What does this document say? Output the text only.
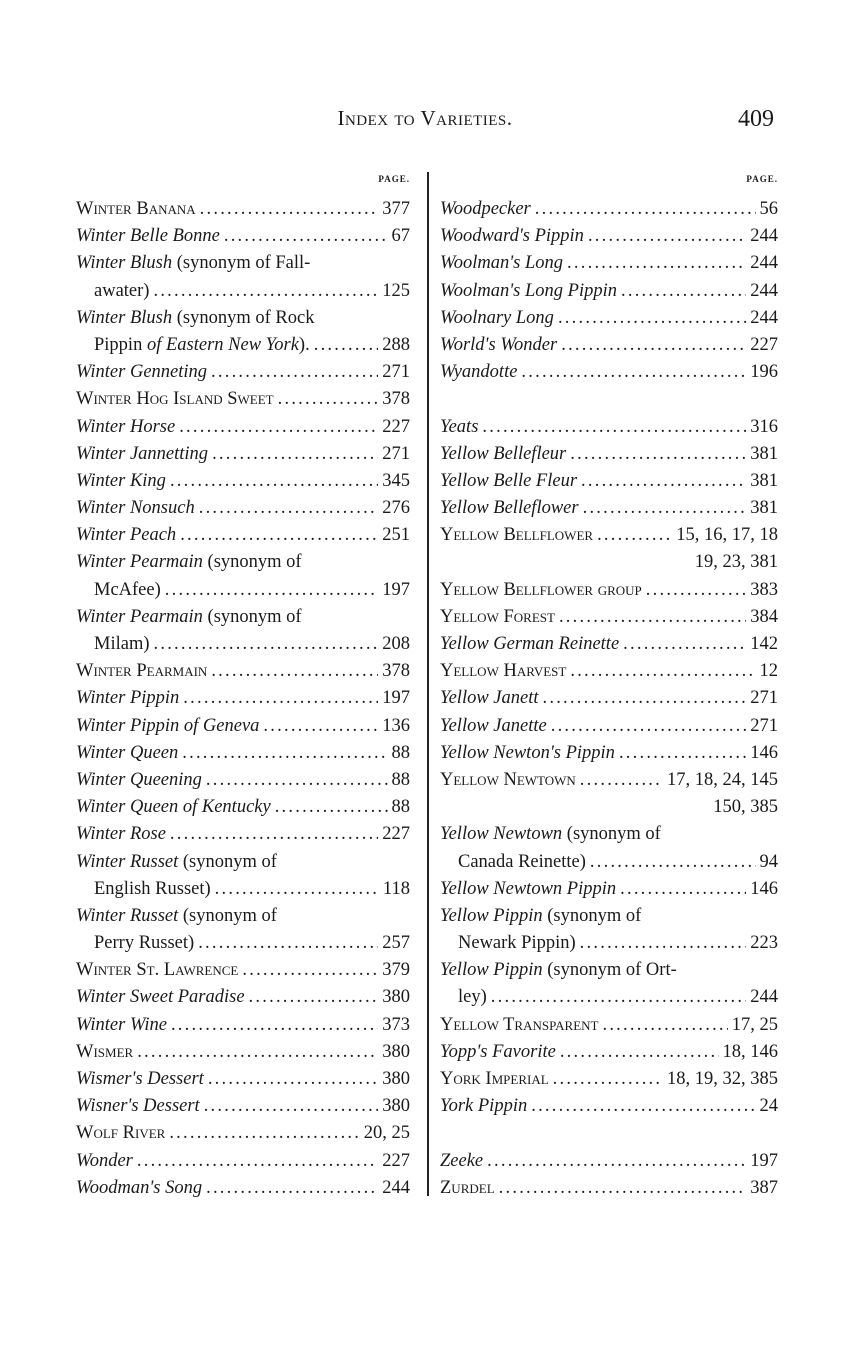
Index to Varieties.	409
PAGE.
Winter Banana . . .	377
Winter Belle Bonne . . .	67
Winter Blush (synonym of Fall-
awater) . . .	125
Winter Blush (synonym of Rock
Pippin of Eastern New York). . . .	288
Winter Genneting . . .	271
Winter Hog Island Sweet . . .	378
Winter Horse . . .	227
Winter Jannetting . . .	271
Winter King . . .	345
Winter Nonsuch . . .	276
Winter Peach . . .	251
Winter Pearmain (synonym of
McAfee) . . .	197
Winter Pearmain (synonym of
Milam) . . .	208
Winter Pearmain . . .	378
Winter Pippin . . .	197
Winter Pippin of Geneva . . .	136
Winter Queen . . .	88
Winter Queening . . .	88
Winter Queen of Kentucky . . .	88
Winter Rose . . .	227
Winter Russet (synonym of
English Russet) . . .	118
Winter Russet (synonym of
Perry Russet) . . .	257
Winter St. Lawrence . . .	379
Winter Sweet Paradise . . .	380
Winter Wine . . .	373
Wismer . . .	380
Wismer's Dessert . . .	380
Wisner's Dessert . . .	380
Wolf River . . .	20, 25
Wonder . . .	227
Woodman's Song . . .	244
PAGE.
Woodpecker . . .	56
Woodward's Pippin . . .	244
Woolman's Long . . .	244
Woolman's Long Pippin . . .	244
Woolnary Long . . .	244
World's Wonder . . .	227
Wyandotte . . .	196
Yeats . . .	316
Yellow Bellefleur . . .	381
Yellow Belle Fleur . . .	381
Yellow Belleflower . . .	381
Yellow Bellflower . . .	15, 16, 17, 18
19, 23, 381
Yellow Bellflower group . . .	383
Yellow Forest . . .	384
Yellow German Reinette . . .	142
Yellow Harvest . . .	12
Yellow Janett . . .	271
Yellow Janette . . .	271
Yellow Newton's Pippin . . .	146
Yellow Newtown . . .	17, 18, 24, 145
150, 385
Yellow Newtown (synonym of
Canada Reinette) . . .	94
Yellow Newtown Pippin . . .	146
Yellow Pippin (synonym of
Newark Pippin) . . .	223
Yellow Pippin (synonym of Ort-
ley) . . .	244
Yellow Transparent . . .	17, 25
Yopp's Favorite . . .	18, 146
York Imperial . . .	18, 19, 32, 385
York Pippin . . .	24
Zeeke . . .	197
Zurdel . . .	387
